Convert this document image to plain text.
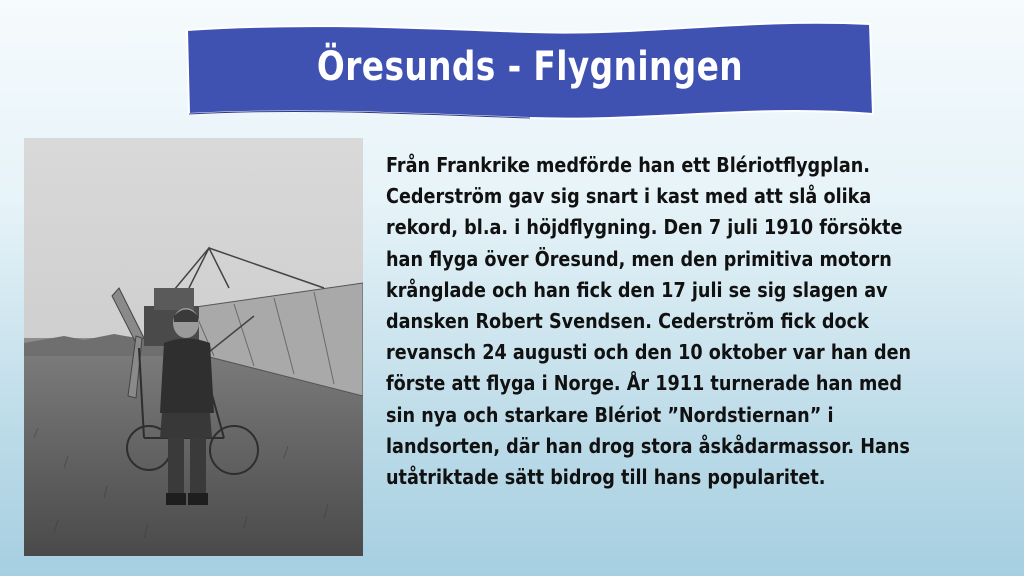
Öresunds - Flygningen
Från Frankrike medförde han ett Blériotflygplan.
Cederström gav sig snart i kast med att slå olika
rekord, bl.a. i höjdflygning. Den 7 juli 1910 försökte
han flyga över Öresund, men den primitiva motorn
krånglade och han fick den 17 juli se sig slagen av
dansken Robert Svendsen. Cederström fick dock
revansch 24 augusti och den 10 oktober var han den
förste att flyga i Norge. År 1911 turnerade han med
sin nya och starkare Blériot ”Nordstiernan” i
landsorten, där han drog stora åskådarmassor. Hans
utåtriktade sätt bidrog till hans popularitet.
